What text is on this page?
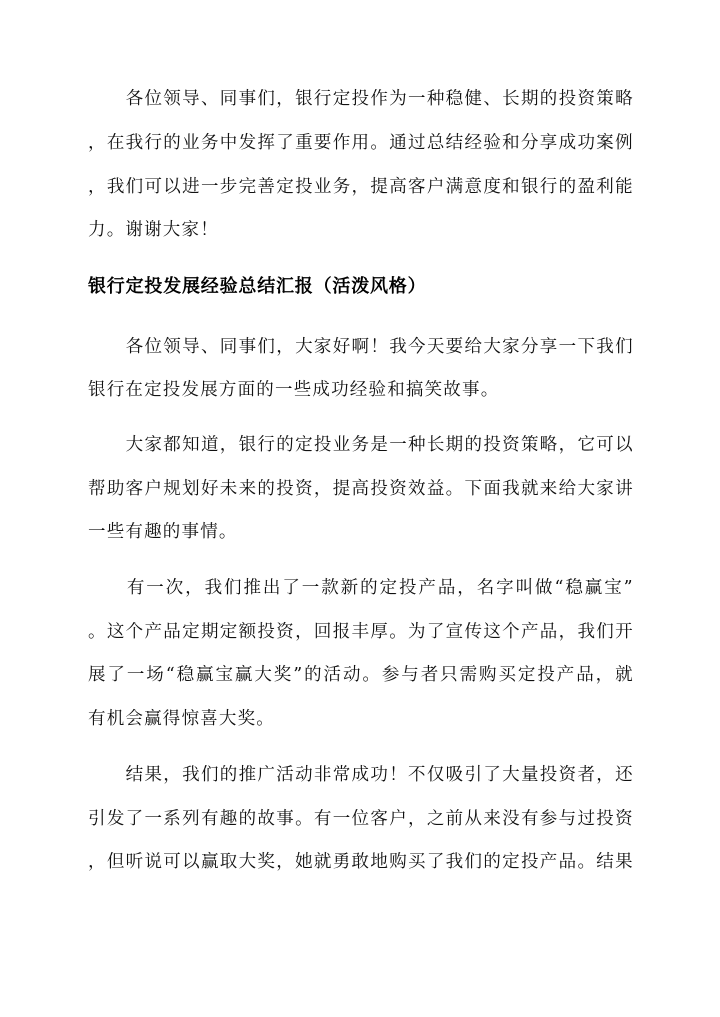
　　各位领导、同事们，银行定投作为一种稳健、长期的投资策略
，在我行的业务中发挥了重要作用。通过总结经验和分享成功案例
，我们可以进一步完善定投业务，提高客户满意度和银行的盈利能
力。谢谢大家！
银行定投发展经验总结汇报（活泼风格）
　　各位领导、同事们，大家好啊！我今天要给大家分享一下我们
银行在定投发展方面的一些成功经验和搞笑故事。
　　大家都知道，银行的定投业务是一种长期的投资策略，它可以
帮助客户规划好未来的投资，提高投资效益。下面我就来给大家讲
一些有趣的事情。
　　有一次，我们推出了一款新的定投产品，名字叫做“稳赢宝”
。这个产品定期定额投资，回报丰厚。为了宣传这个产品，我们开
展了一场“稳赢宝赢大奖”的活动。参与者只需购买定投产品，就
有机会赢得惊喜大奖。
　　结果，我们的推广活动非常成功！不仅吸引了大量投资者，还
引发了一系列有趣的故事。有一位客户，之前从来没有参与过投资
，但听说可以赢取大奖，她就勇敢地购买了我们的定投产品。结果
